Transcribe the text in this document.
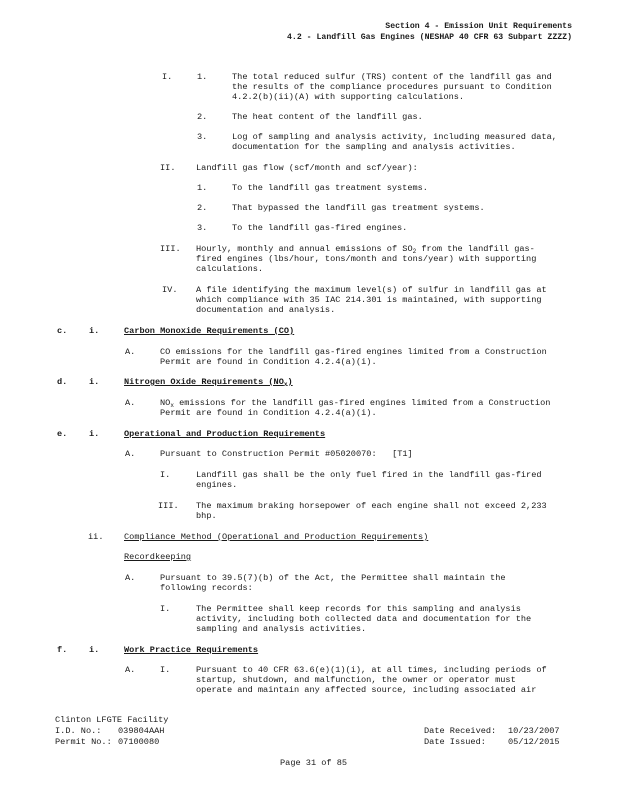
Section 4 - Emission Unit Requirements
4.2 - Landfill Gas Engines (NESHAP 40 CFR 63 Subpart ZZZZ)
I.	1.	The total reduced sulfur (TRS) content of the landfill gas and
the results of the compliance procedures pursuant to Condition
4.2.2(b)(ii)(A) with supporting calculations.
2.	The heat content of the landfill gas.
3.	Log of sampling and analysis activity, including measured data,
documentation for the sampling and analysis activities.
II. Landfill gas flow (scf/month and scf/year):
1.	To the landfill gas treatment systems.
2.	That bypassed the landfill gas treatment systems.
3.	To the landfill gas-fired engines.
III. Hourly, monthly and annual emissions of $SO_2$ from the landfill gas-
fired engines (lbs/hour, tons/month and tons/year) with supporting
calculations.
IV. A file identifying the maximum level(s) of sulfur in landfill gas at
which compliance with 35 IAC 214.301 is maintained, with supporting
documentation and analysis.
c.	i.	Carbon Monoxide Requirements (CO)
A.	CO emissions for the landfill gas-fired engines limited from a Construction
Permit are found in Condition 4.2.4(a)(i).
d.	i.	Nitrogen Oxide Requirements $(NO_x)$
A.	$NO_x$ emissions for the landfill gas-fired engines limited from a Construction
Permit are found in Condition 4.2.4(a)(i).
e.	i.	Operational and Production Requirements
A.	Pursuant to Construction Permit #05020070:   [T1]
I.	Landfill gas shall be the only fuel fired in the landfill gas-fired
engines.
III. The maximum braking horsepower of each engine shall not exceed 2,233
bhp.
ii. Compliance Method (Operational and Production Requirements)
Recordkeeping
A.	Pursuant to 39.5(7)(b) of the Act, the Permittee shall maintain the
following records:
I.	The Permittee shall keep records for this sampling and analysis
activity, including both collected data and documentation for the
sampling and analysis activities.
f.	i.	Work Practice Requirements
A.	I.	Pursuant to 40 CFR 63.6(e)(1)(i), at all times, including periods of
startup, shutdown, and malfunction, the owner or operator must
operate and maintain any affected source, including associated air
Clinton LFGTE Facility
I.D. No.: 039804AAH
Permit No.: 07100080
Date Received: 10/23/2007
Date Issued:	05/12/2015
Page 31 of 85
